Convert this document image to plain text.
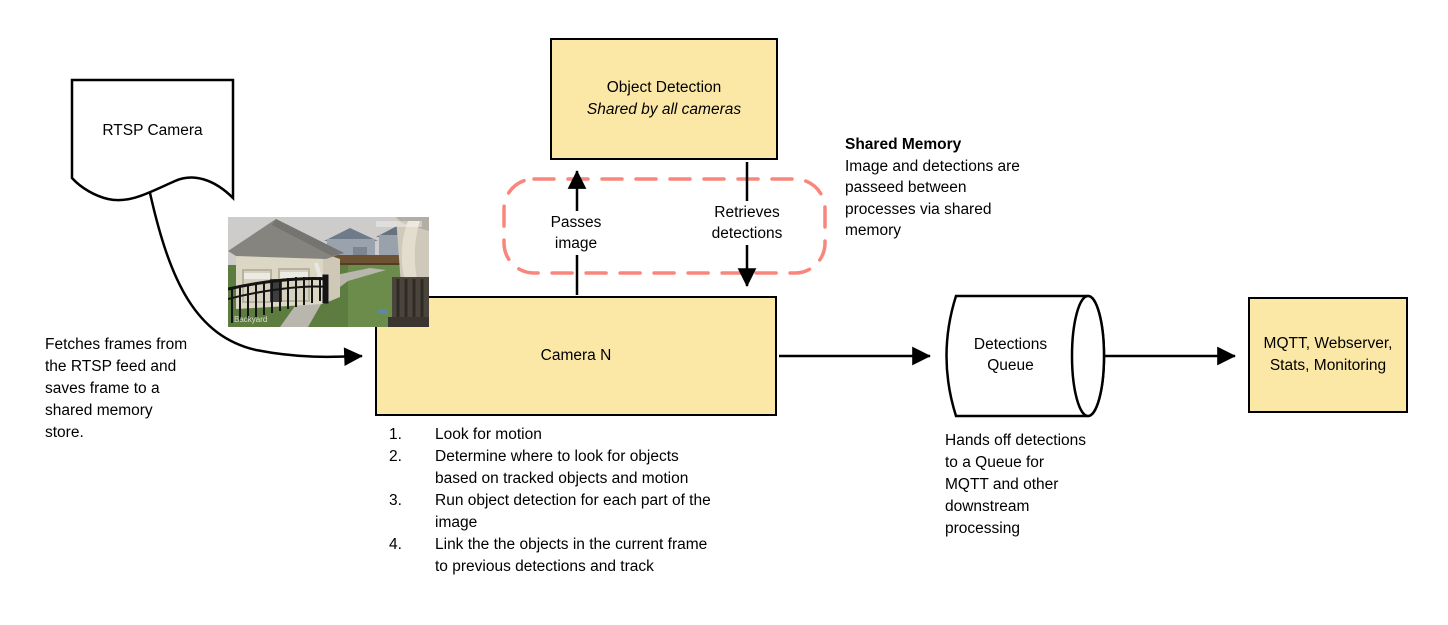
Object Detection
Shared by all cameras
Camera N
MQTT, Webserver, Stats, Monitoring
RTSP Camera
Detections Queue
Passes image
Retrieves detections
Fetches frames from
the RTSP feed and
saves frame to a
shared memory
store.
Shared Memory
Image and detections are
passeed between
processes via shared
memory
Hands off detections
to a Queue for
MQTT and other
downstream
processing
1.	Look for motion
2.	Determine where to look for objects
based on tracked objects and motion
3.	Run object detection for each part of the
image
4.	Link the the objects in the current frame
to previous detections and track
Backyard
